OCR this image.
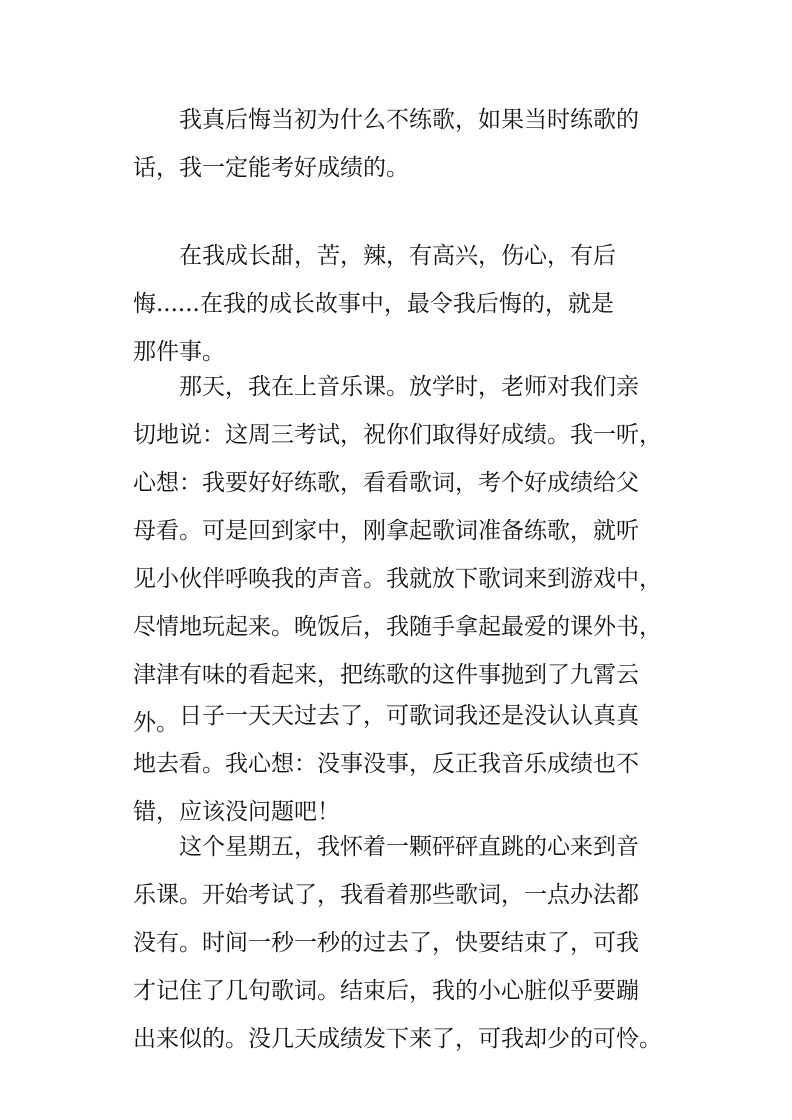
我真后悔当初为什么不练歌，如果当时练歌的
话，我一定能考好成绩的。
在我成长甜，苦，辣，有高兴，伤心，有后
悔......在我的成长故事中，最令我后悔的，就是
那件事。
那天，我在上音乐课。放学时，老师对我们亲
切地说：这周三考试，祝你们取得好成绩。我一听，
心想：我要好好练歌，看看歌词，考个好成绩给父
母看。可是回到家中，刚拿起歌词准备练歌，就听
见小伙伴呼唤我的声音。我就放下歌词来到游戏中，
尽情地玩起来。晚饭后，我随手拿起最爱的课外书，
津津有味的看起来，把练歌的这件事抛到了九霄云
外。 日子一天天过去了，可歌词我还是没认认真真
地去看。我心想：没事没事，反正我音乐成绩也不
错，应该没问题吧！
这个星期五，我怀着一颗砰砰直跳的心来到音
乐课。开始考试了，我看着那些歌词，一点办法都
没有。时间一秒一秒的过去了，快要结束了，可我
才记住了几句歌词。结束后，我的小心脏似乎要蹦
出来似的。没几天成绩发下来了，可我却少的可怜。
